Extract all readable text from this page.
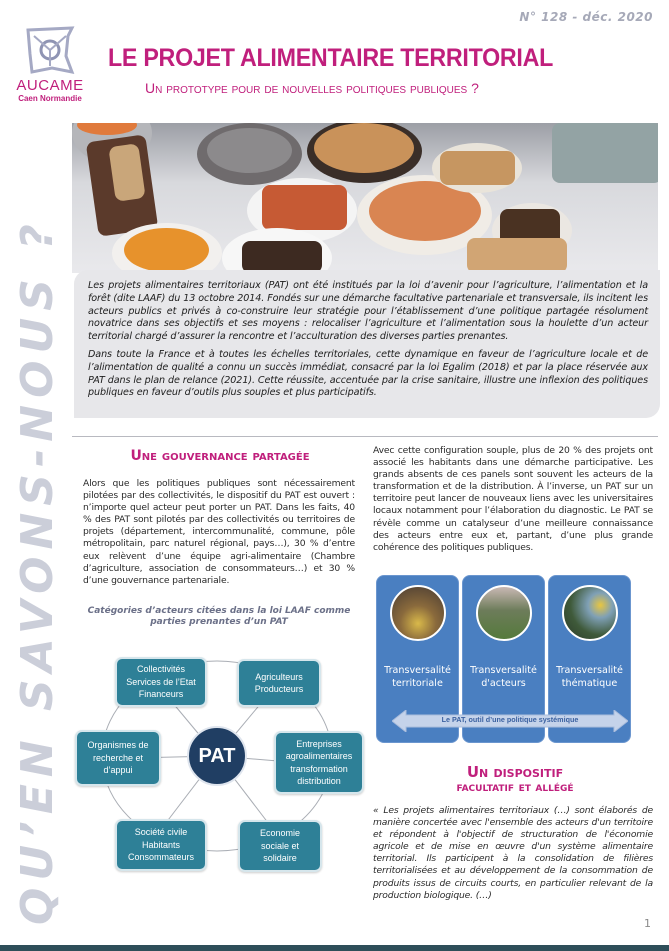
N° 128 - déc. 2020
AUCAME
Caen Normandie
LE PROJET ALIMENTAIRE TERRITORIAL
Un prototype pour de nouvelles politiques publiques ?
QU’EN SAVONS-NOUS ?	Les projets alimentaires territoriaux (PAT) ont été institués par la loi d’avenir pour l’agriculture, l’alimentation et la forêt (dite LAAF) du 13 octobre 2014. Fondés sur une démarche facultative partenariale et transversale, ils incitent les acteurs publics et privés à co-construire leur stratégie pour l’établissement d’une politique partagée résolument novatrice dans ses objectifs et ses moyens : relocaliser l’agriculture et l’alimentation sous la houlette d’un acteur territorial chargé d’assurer la rencontre et l’acculturation des diverses parties prenantes.

Dans toute la France et à toutes les échelles territoriales, cette dynamique en faveur de l’agriculture locale et de l’alimentation de qualité a connu un succès immédiat, consacré par la loi Egalim (2018) et par la place réservée aux PAT dans le plan de relance (2021). Cette réussite, accentuée par la crise sanitaire, illustre une inflexion des politiques publiques en faveur d’outils plus souples et plus participatifs.

Une gouvernance partagée
Alors que les politiques publiques sont nécessairement pilotées par des collectivités, le dispositif du PAT est ouvert : n’importe quel acteur peut porter un PAT. Dans les faits, 40 % des PAT sont pilotés par des collectivités ou territoires de projets (département, intercommunalité, commune, pôle métropolitain, parc naturel régional, pays…), 30 % d’entre eux relèvent d’une équipe agri-alimentaire (Chambre d’agriculture, association de consommateurs…) et 30 % d’une gouvernance partenariale.
Catégories d’acteurs citées dans la loi LAAF comme parties prenantes d’un PAT
Collectivités
Services de l’Etat
Financeurs
Agriculteurs
Producteurs
Entreprises
agroalimentaires
transformation
distribution
Economie
sociale et
solidaire
Société civile
Habitants
Consommateurs
Organismes de
recherche et
d’appui
PAT
Avec cette configuration souple, plus de 20 % des projets ont associé les habitants dans une démarche participative. Les grands absents de ces panels sont souvent les acteurs de la transformation et de la distribution. À l’inverse, un PAT sur un territoire peut lancer de nouveaux liens avec les universitaires locaux notamment pour l’élaboration du diagnostic. Le PAT se révèle comme un catalyseur d’une meilleure connaissance des acteurs entre eux et, partant, d’une plus grande cohérence des politiques publiques.
Transversalité
territoriale
Transversalité
d'acteurs
Transversalité
thématique
Le PAT, outil d’une politique systémique
Un dispositif
facultatif et allégé
« Les projets alimentaires territoriaux (…) sont élaborés de manière concertée avec l'ensemble des acteurs d'un territoire et répondent à l'objectif de structuration de l'économie agricole et de mise en œuvre d'un système alimentaire territorial. Ils participent à la consolidation de filières territorialisées et au développement de la consommation de produits issus de circuits courts, en particulier relevant de la production biologique. (…)
1
